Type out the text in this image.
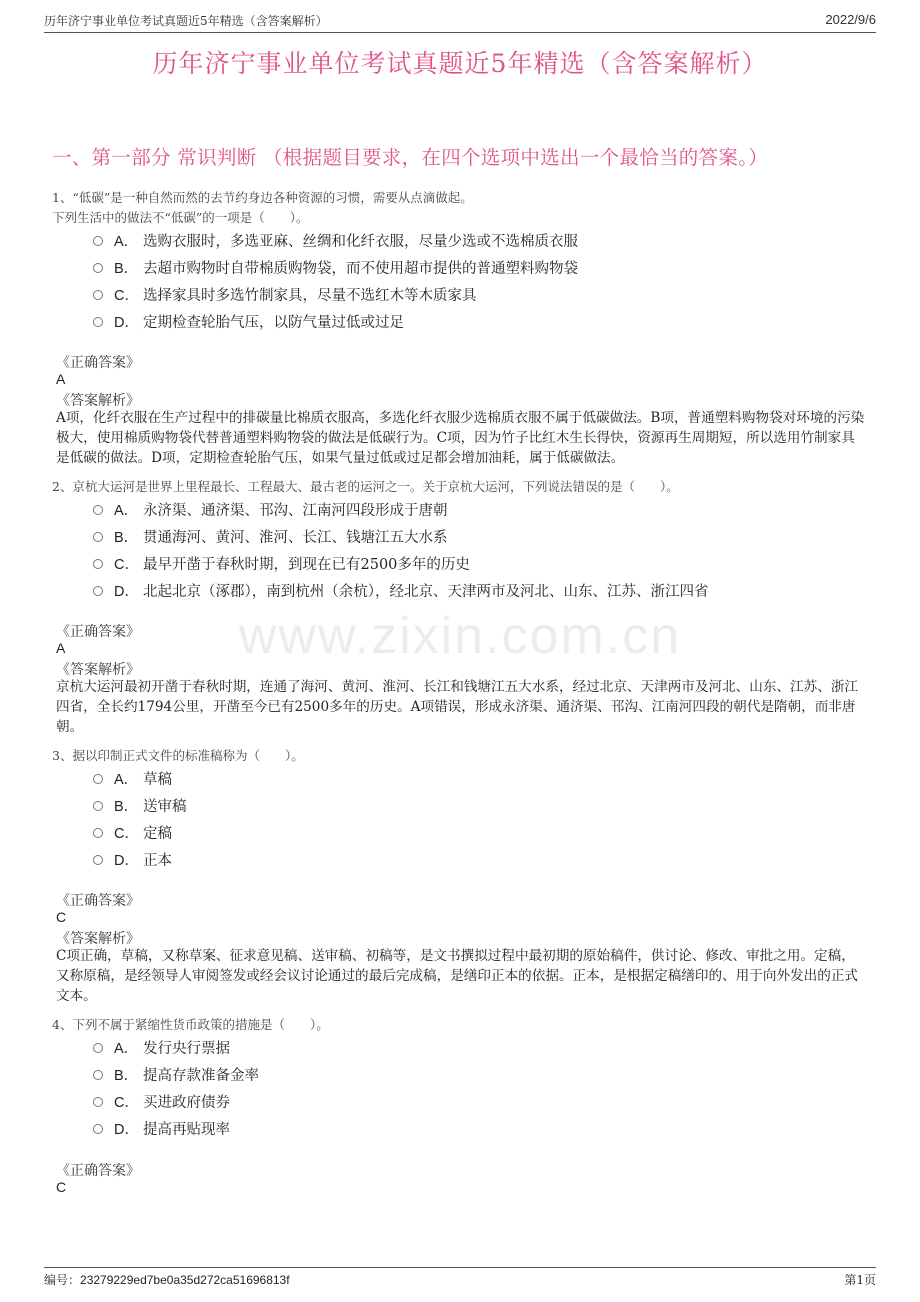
历年济宁事业单位考试真题近5年精选（含答案解析）	2022/9/6
历年济宁事业单位考试真题近5年精选（含答案解析）
一、第一部分 常识判断 （根据题目要求，在四个选项中选出一个最恰当的答案。）
www.zixin.com.cn
1、“低碳”是一种自然而然的去节约身边各种资源的习惯，需要从点滴做起。
下列生活中的做法不“低碳”的一项是（　　）。
A． 选购衣服时，多选亚麻、丝绸和化纤衣服，尽量少选或不选棉质衣服
B． 去超市购物时自带棉质购物袋，而不使用超市提供的普通塑料购物袋
C． 选择家具时多选竹制家具，尽量不选红木等木质家具
D． 定期检查轮胎气压，以防气量过低或过足
《正确答案》
A
《答案解析》
A项，化纤衣服在生产过程中的排碳量比棉质衣服高，多选化纤衣服少选棉质衣服不属于低碳做法。B项，普通塑料购物袋对环境的污染极大，使用棉质购物袋代替普通塑料购物袋的做法是低碳行为。C项，因为竹子比红木生长得快，资源再生周期短，所以选用竹制家具是低碳的做法。D项，定期检查轮胎气压，如果气量过低或过足都会增加油耗，属于低碳做法。
2、京杭大运河是世界上里程最长、工程最大、最古老的运河之一。关于京杭大运河，下列说法错误的是（　　）。
A． 永济渠、通济渠、邗沟、江南河四段形成于唐朝
B． 贯通海河、黄河、淮河、长江、钱塘江五大水系
C． 最早开凿于春秋时期，到现在已有2500多年的历史
D． 北起北京（涿郡），南到杭州（余杭），经北京、天津两市及河北、山东、江苏、浙江四省
《正确答案》
A
《答案解析》
京杭大运河最初开凿于春秋时期，连通了海河、黄河、淮河、长江和钱塘江五大水系，经过北京、天津两市及河北、山东、江苏、浙江四省，全长约1794公里，开凿至今已有2500多年的历史。A项错误，形成永济渠、通济渠、邗沟、江南河四段的朝代是隋朝，而非唐朝。
3、据以印制正式文件的标准稿称为（　　）。
A． 草稿
B． 送审稿
C． 定稿
D． 正本
《正确答案》
C
《答案解析》
C项正确，草稿，又称草案、征求意见稿、送审稿、初稿等，是文书撰拟过程中最初期的原始稿件，供讨论、修改、审批之用。定稿，又称原稿，是经领导人审阅签发或经会议讨论通过的最后完成稿，是缮印正本的依据。正本，是根据定稿缮印的、用于向外发出的正式文本。
4、下列不属于紧缩性货币政策的措施是（　　）。
A． 发行央行票据
B． 提高存款准备金率
C． 买进政府债券
D． 提高再贴现率
《正确答案》
C
编号：23279229ed7be0a35d272ca51696813f	第1页
